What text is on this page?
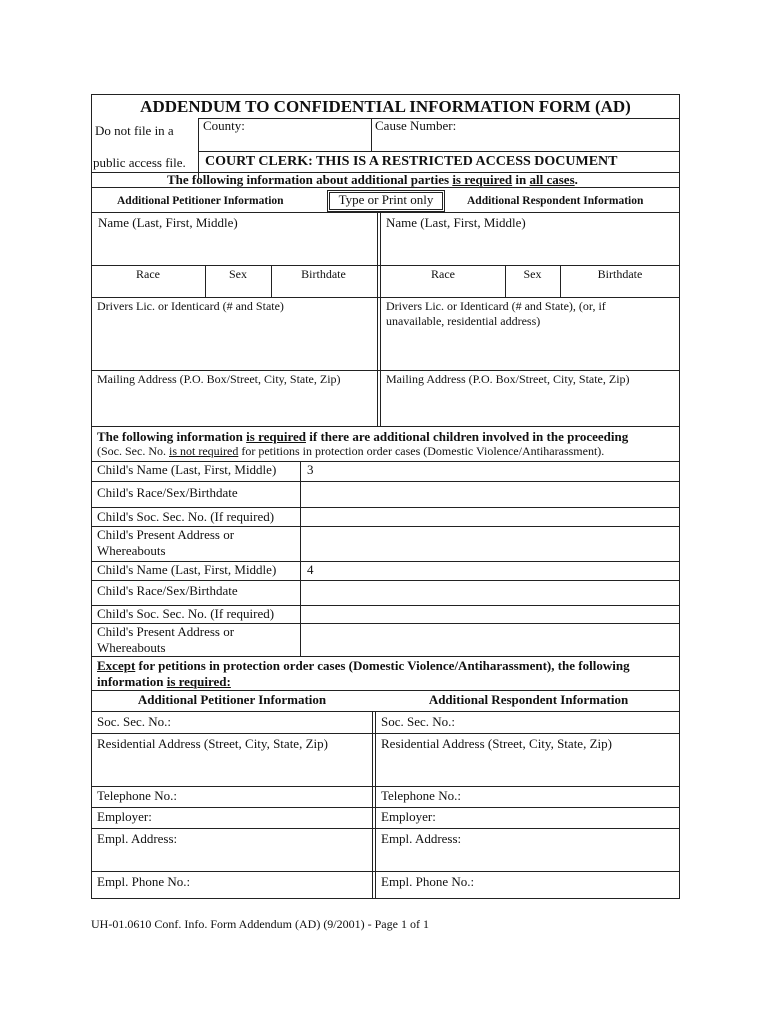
ADDENDUM TO CONFIDENTIAL INFORMATION FORM (AD)
Do not file in a
public access file.
County:	Cause Number:
COURT CLERK: THIS IS A RESTRICTED ACCESS DOCUMENT
The following information about additional parties is required in all cases.
Additional Petitioner Information	Type or Print only	Additional Respondent Information
Name (Last, First, Middle)	Name (Last, First, Middle)
Race	Sex	Birthdate	Race	Sex	Birthdate
Drivers Lic. or Identicard (# and State)	Drivers Lic. or Identicard (# and State), (or, if
unavailable, residential address)
Mailing Address (P.O. Box/Street, City, State, Zip)	Mailing Address (P.O. Box/Street, City, State, Zip)
The following information is required if there are additional children involved in the proceeding
(Soc. Sec. No. is not required for petitions in protection order cases (Domestic Violence/Antiharassment).
Child's Name (Last, First, Middle) 3
Child's Race/Sex/Birthdate
Child's Soc. Sec. No. (If required)
Child's Present Address or
Whereabouts
Child's Name (Last, First, Middle) 4
Child's Race/Sex/Birthdate
Child's Soc. Sec. No. (If required)
Child's Present Address or
Whereabouts
Except for petitions in protection order cases (Domestic Violence/Antiharassment), the following
information is required:
Additional Petitioner Information	Additional Respondent Information
Soc. Sec. No.:	Soc. Sec. No.:
Residential Address (Street, City, State, Zip)	Residential Address (Street, City, State, Zip)
Telephone No.:	Telephone No.:
Employer:	Employer:
Empl. Address:	Empl. Address:
Empl. Phone No.:	Empl. Phone No.:
UH-01.0610 Conf. Info. Form Addendum (AD) (9/2001) - Page 1 of 1
